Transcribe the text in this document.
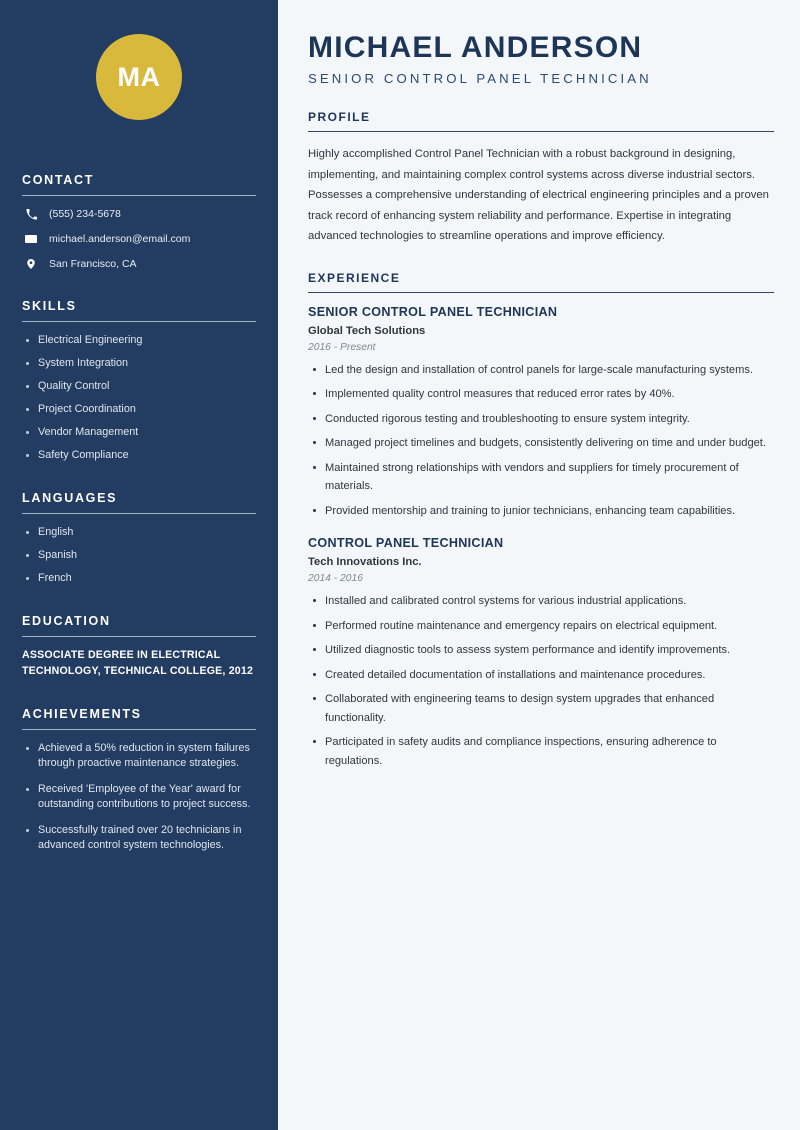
MA
CONTACT
(555) 234-5678
michael.anderson@email.com
San Francisco, CA
SKILLS
Electrical Engineering
System Integration
Quality Control
Project Coordination
Vendor Management
Safety Compliance
LANGUAGES
English
Spanish
French
EDUCATION
ASSOCIATE DEGREE IN ELECTRICAL TECHNOLOGY, TECHNICAL COLLEGE, 2012
ACHIEVEMENTS
Achieved a 50% reduction in system failures through proactive maintenance strategies.
Received 'Employee of the Year' award for outstanding contributions to project success.
Successfully trained over 20 technicians in advanced control system technologies.
MICHAEL ANDERSON
SENIOR CONTROL PANEL TECHNICIAN
PROFILE

Highly accomplished Control Panel Technician with a robust background in designing, implementing, and maintaining complex control systems across diverse industrial sectors. Possesses a comprehensive understanding of electrical engineering principles and a proven track record of enhancing system reliability and performance. Expertise in integrating advanced technologies to streamline operations and improve efficiency.

EXPERIENCE
SENIOR CONTROL PANEL TECHNICIAN
Global Tech Solutions
2016 - Present
Led the design and installation of control panels for large-scale manufacturing systems.
Implemented quality control measures that reduced error rates by 40%.
Conducted rigorous testing and troubleshooting to ensure system integrity.
Managed project timelines and budgets, consistently delivering on time and under budget.
Maintained strong relationships with vendors and suppliers for timely procurement of materials.
Provided mentorship and training to junior technicians, enhancing team capabilities.
CONTROL PANEL TECHNICIAN
Tech Innovations Inc.
2014 - 2016
Installed and calibrated control systems for various industrial applications.
Performed routine maintenance and emergency repairs on electrical equipment.
Utilized diagnostic tools to assess system performance and identify improvements.
Created detailed documentation of installations and maintenance procedures.
Collaborated with engineering teams to design system upgrades that enhanced functionality.
Participated in safety audits and compliance inspections, ensuring adherence to regulations.
